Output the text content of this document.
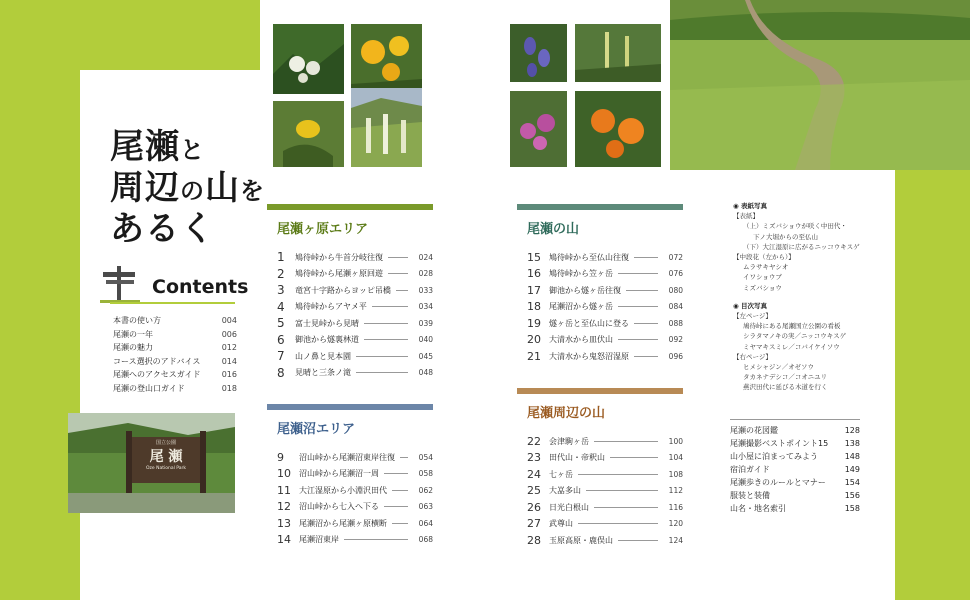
尾瀬と
周辺の山を
あるく
Contents
本書の使い方	004
尾瀬の一年	006
尾瀬の魅力	012
コース選択のアドバイス	014
尾瀬へのアクセスガイド	016
尾瀬の登山口ガイド	018
国立公園
尾 瀬
Oze National Park
尾瀬ヶ原エリア
1	鳩待峠から牛首分岐往復	024
2	鳩待峠から尾瀬ヶ原回遊	028
3	竜宮十字路からヨッピ吊橋	033
4	鳩待峠からアヤメ平	034
5	富士見峠から見晴	039
6	御池から燧裏林道	040
7	山ノ鼻と見本園	045
8	見晴と三条ノ滝	048
尾瀬沼エリア
9	沼山峠から尾瀬沼東岸往復	054
10	沼山峠から尾瀬沼一周	058
11	大江湿原から小淵沢田代	062
12	沼山峠から七入へ下る	063
13	尾瀬沼から尾瀬ヶ原横断	064
14	尾瀬沼東岸	068
尾瀬の山
15	鳩待峠から至仏山往復	072
16	鳩待峠から笠ヶ岳	076
17	御池から燧ヶ岳往復	080
18	尾瀬沼から燧ヶ岳	084
19	燧ヶ岳と至仏山に登る	088
20	大清水から皿伏山	092
21	大清水から鬼怒沼湿原	096
尾瀬周辺の山
22	会津駒ヶ岳	100
23	田代山・帝釈山	104
24	七ヶ岳	108
25	大嵓多山	112
26	日光白根山	116
27	武尊山	120
28	玉原高原・鹿俣山	124
◉ 表紙写真
【表紙】
（上）ミズバショウが咲く中田代・
下ノ大堀からの至仏山
（下）大江湿原に広がるニッコウキスゲ
【中段花（左から）】
ムラサキヤシオ
イワショウブ
ミズバショウ
◉ 目次写真
【左ページ】
鳩待峠にある尾瀬国立公園の看板
シラタマノキの実／ニッコウキスゲ
ミヤマキスミレ／コバイケイソウ
【右ページ】
ヒメシャジン／オゼソウ
タカネナデシコ／コオニユリ
燕沢田代に延びる木道を行く
尾瀬の花図鑑	128
尾瀬撮影ベストポイント15 138
山小屋に泊まってみよう	148
宿泊ガイド	149
尾瀬歩きのルールとマナー 154
服装と装備	156
山名・地名索引	158
